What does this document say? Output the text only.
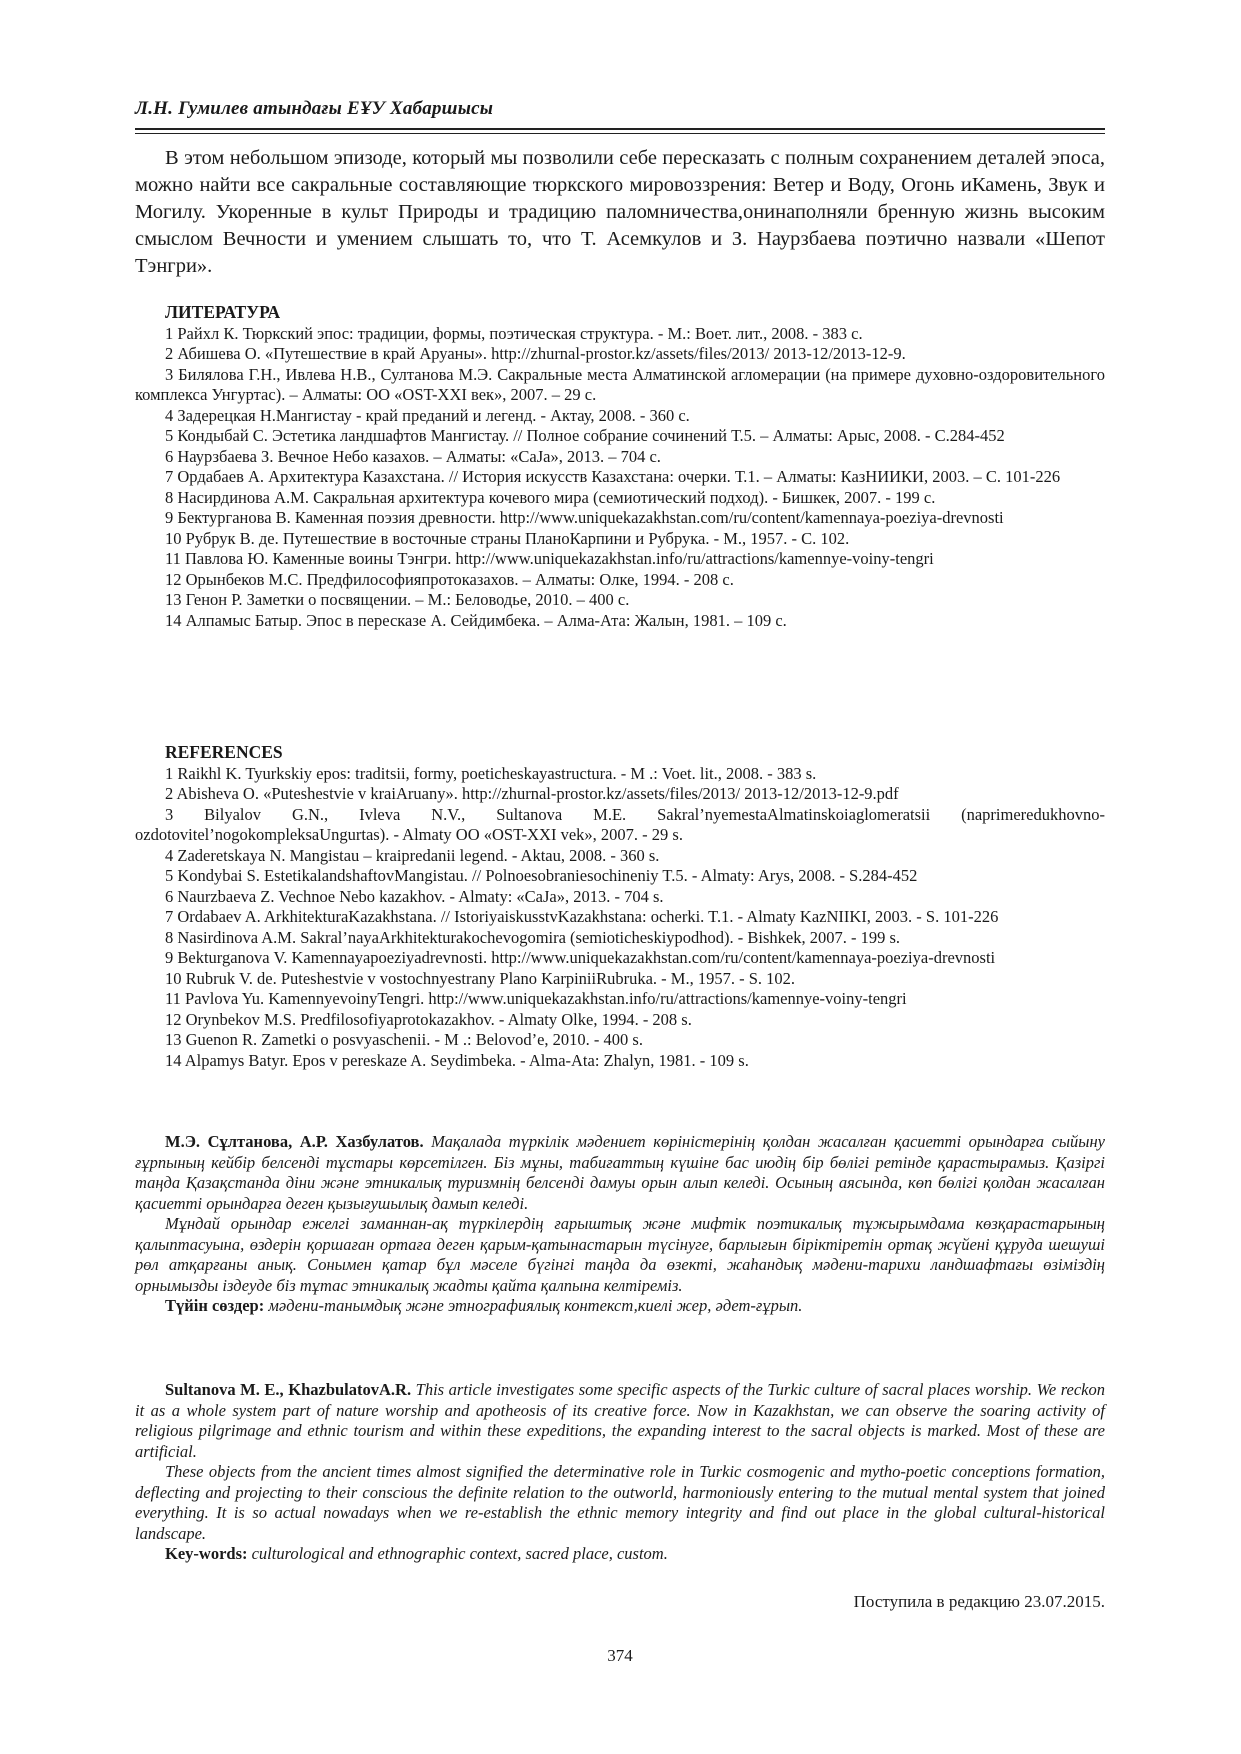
Л.Н. Гумилев атындағы ЕҰУ Хабаршысы

В этом небольшом эпизоде, который мы позволили себе пересказать с полным сохранением деталей эпоса, можно найти все сакральные составляющие тюркского мировоззрения: Ветер и Воду, Огонь иКамень, Звук и Могилу. Укоренные в культ Природы и традицию паломничества,онинаполняли бренную жизнь высоким смыслом Вечности и умением слышать то, что Т. Асемкулов и З. Наурзбаева поэтично назвали «Шепот Тэнгри».

ЛИТЕРАТУРА

1 Райхл К. Тюркский эпос: традиции, формы, поэтическая структура. - М.: Воет. лит., 2008. - 383 с.

2 Абишева О. «Путешествие в край Аруаны». http://zhurnal-prostor.kz/assets/files/2013/ 2013-12/2013-12-9.

3 Билялова Г.Н., Ивлева Н.В., Султанова М.Э. Сакральные места Алматинской агломерации (на примере духовно-оздоровительного комплекса Унгуртас). – Алматы: ОО «OST-XXI век», 2007. – 29 с.

4 Задерецкая Н.Мангистау - край преданий и легенд. - Актау, 2008. - 360 с.

5 Кондыбай С. Эстетика ландшафтов Мангистау. // Полное собрание сочинений Т.5. – Алматы: Арыс, 2008. - С.284-452

6 Наурзбаева З. Вечное Небо казахов. – Алматы: «СаЈа», 2013. – 704 с.

7 Ордабаев А. Архитектура Казахстана. // История искусств Казахстана: очерки. Т.1. – Алматы: КазНИИКИ, 2003. – С. 101-226

8 Насирдинова А.М. Сакральная архитектура кочевого мира (семиотический подход). - Бишкек, 2007. - 199 с.

9 Бектурганова В. Каменная поэзия древности. http://www.uniquekazakhstan.com/ru/content/kamennaya-poeziya-drevnosti

10 Рубрук В. де. Путешествие в восточные страны ПланоКарпини и Рубрука. - М., 1957. - С. 102.

11 Павлова Ю. Каменные воины Тэнгри. http://www.uniquekazakhstan.info/ru/attractions/kamennye-voiny-tengri

12 Орынбеков М.С. Предфилософияпротоказахов. – Алматы: Олке, 1994. - 208 с.

13 Генон Р. Заметки о посвящении. – М.: Беловодье, 2010. – 400 с.

14 Алпамыс Батыр. Эпос в пересказе А. Сейдимбека. – Алма-Ата: Жалын, 1981. – 109 с.

REFERENCES

1 Raikhl K. Tyurkskiy epos: traditsii, formy, poeticheskayastructura. - M .: Voet. lit., 2008. - 383 s.

2 Abisheva O. «Puteshestvie v kraiAruany». http://zhurnal-prostor.kz/assets/files/2013/ 2013-12/2013-12-9.pdf

3 Bilyalov G.N., Ivleva N.V., Sultanova M.E. Sakral’nyemestaAlmatinskoiaglomeratsii (naprimeredukhovno-ozdotovitel’nogokompleksaUngurtas). - Almaty OO «OST-XXI vek», 2007. - 29 s.

4 Zaderetskaya N. Mangistau – kraipredanii legend. - Aktau, 2008. - 360 s.

5 Kondybai S. EstetikalandshaftovMangistau. // Polnoesobraniesochineniy T.5. - Almaty: Arys, 2008. - S.284-452

6 Naurzbaeva Z. Vechnoe Nebo kazakhov. - Almaty: «CaJa», 2013. - 704 s.

7 Ordabaev A. ArkhitekturaKazakhstana. // IstoriyaiskusstvKazakhstana: ocherki. T.1. - Almaty KazNIIKI, 2003. - S. 101-226

8 Nasirdinova A.M. Sakral’nayaArkhitekturakochevogomira (semioticheskiypodhod). - Bishkek, 2007. - 199 s.

9 Bekturganova V. Kamennayapoeziyadrevnosti. http://www.uniquekazakhstan.com/ru/content/kamennaya-poeziya-drevnosti

10 Rubruk V. de. Puteshestvie v vostochnyestrany Plano KarpiniiRubruka. - M., 1957. - S. 102.

11 Pavlova Yu. KamennyevoinyTengri. http://www.uniquekazakhstan.info/ru/attractions/kamennye-voiny-tengri

12 Orynbekov M.S. Predfilosofiyaprotokazakhov. - Almaty Olke, 1994. - 208 s.

13 Guenon R. Zametki o posvyaschenii. - M .: Belovod’e, 2010. - 400 s.

14 Alpamys Batyr. Epos v pereskaze A. Seydimbeka. - Alma-Ata: Zhalyn, 1981. - 109 s.

М.Э. Сұлтанова, А.Р. Хазбулатов. Мақалада түркілік мәдениет көріністерінің қолдан жасалған қасиетті орындарға сыйыну ғұрпының кейбір белсенді тұстары көрсетілген. Біз мұны, табиғаттың күшіне бас июдің бір бөлігі ретінде қарастырамыз. Қазіргі таңда Қазақстанда діни және этникалық туризмнің белсенді дамуы орын алып келеді. Осының аясында, көп бөлігі қолдан жасалған қасиетті орындарға деген қызығушылық дамып келеді.

Мұндай орындар ежелгі заманнан-ақ түркілердің ғарыштық және мифтік поэтикалық тұжырымдама көзқарастарының қалыптасуына, өздерін қоршаған ортаға деген қарым-қатынастарын түсінуге, барлығын біріктіретін ортақ жүйені құруда шешуші рөл атқарғаны анық. Сонымен қатар бұл мәселе бүгінгі таңда да өзекті, жаһандық мәдени-тарихи ландшафтағы өзіміздің орнымызды іздеуде біз тұтас этникалық жадты қайта қалпына келтіреміз.

Түйін сөздер: мәдени-танымдық және этнографиялық контекст,киелі жер, әдет-ғұрып.

Sultanova M. E., KhazbulatovA.R. This article investigates some specific aspects of the Turkic culture of sacral places worship. We reckon it as a whole system part of nature worship and apotheosis of its creative force. Now in Kazakhstan, we can observe the soaring activity of religious pilgrimage and ethnic tourism and within these expeditions, the expanding interest to the sacral objects is marked. Most of these are artificial.

These objects from the ancient times almost signified the determinative role in Turkic cosmogenic and mytho-poetic conceptions formation, deflecting and projecting to their conscious the definite relation to the outworld, harmoniously entering to the mutual mental system that joined everything. It is so actual nowadays when we re-establish the ethnic memory integrity and find out place in the global cultural-historical landscape.

Key-words: culturological and ethnographic context, sacred place, custom.

Поступила в редакцию 23.07.2015.
374
